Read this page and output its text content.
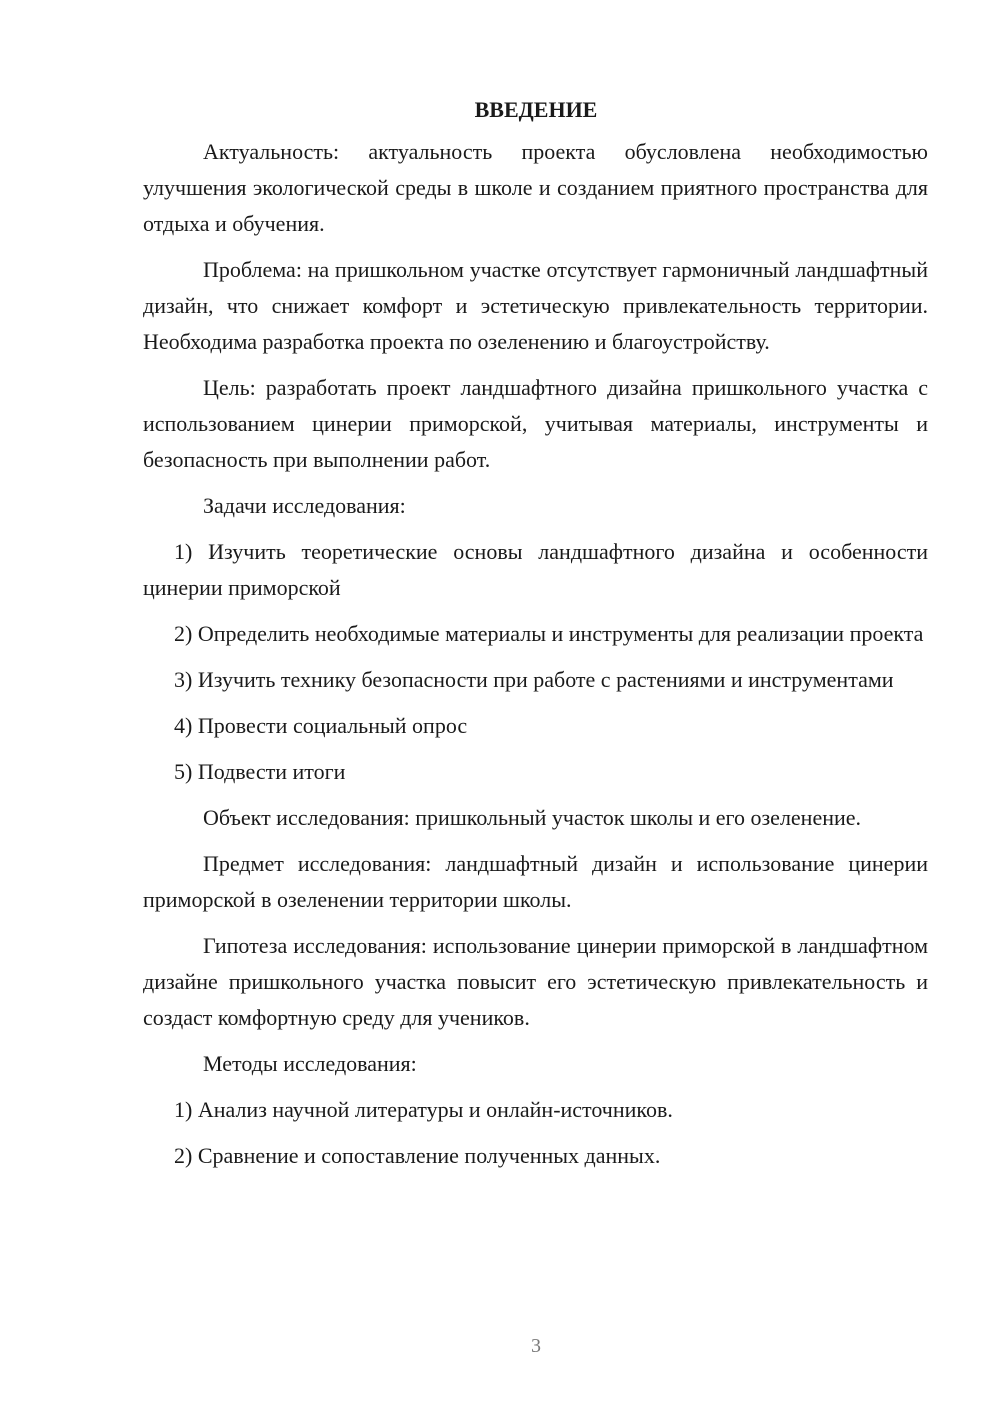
ВВЕДЕНИЕ

Актуальность: актуальность проекта обусловлена необходимостью улучшения экологической среды в школе и созданием приятного пространства для отдыха и обучения.

Проблема: на пришкольном участке отсутствует гармоничный ландшафтный дизайн, что снижает комфорт и эстетическую привлекательность территории. Необходима разработка проекта по озеленению и благоустройству.

Цель: разработать проект ландшафтного дизайна пришкольного участка с использованием цинерии приморской, учитывая материалы, инструменты и безопасность при выполнении работ.

Задачи исследования:

1) Изучить теоретические основы ландшафтного дизайна и особенности цинерии приморской

2) Определить необходимые материалы и инструменты для реализации проекта

3) Изучить технику безопасности при работе с растениями и инструментами

4) Провести социальный опрос

5) Подвести итоги

Объект исследования: пришкольный участок школы и его озеленение.

Предмет исследования: ландшафтный дизайн и использование цинерии приморской в озеленении территории школы.

Гипотеза исследования: использование цинерии приморской в ландшафтном дизайне пришкольного участка повысит его эстетическую привлекательность и создаст комфортную среду для учеников.

Методы исследования:

1) Анализ научной литературы и онлайн-источников.

2) Сравнение и сопоставление полученных данных.

3
